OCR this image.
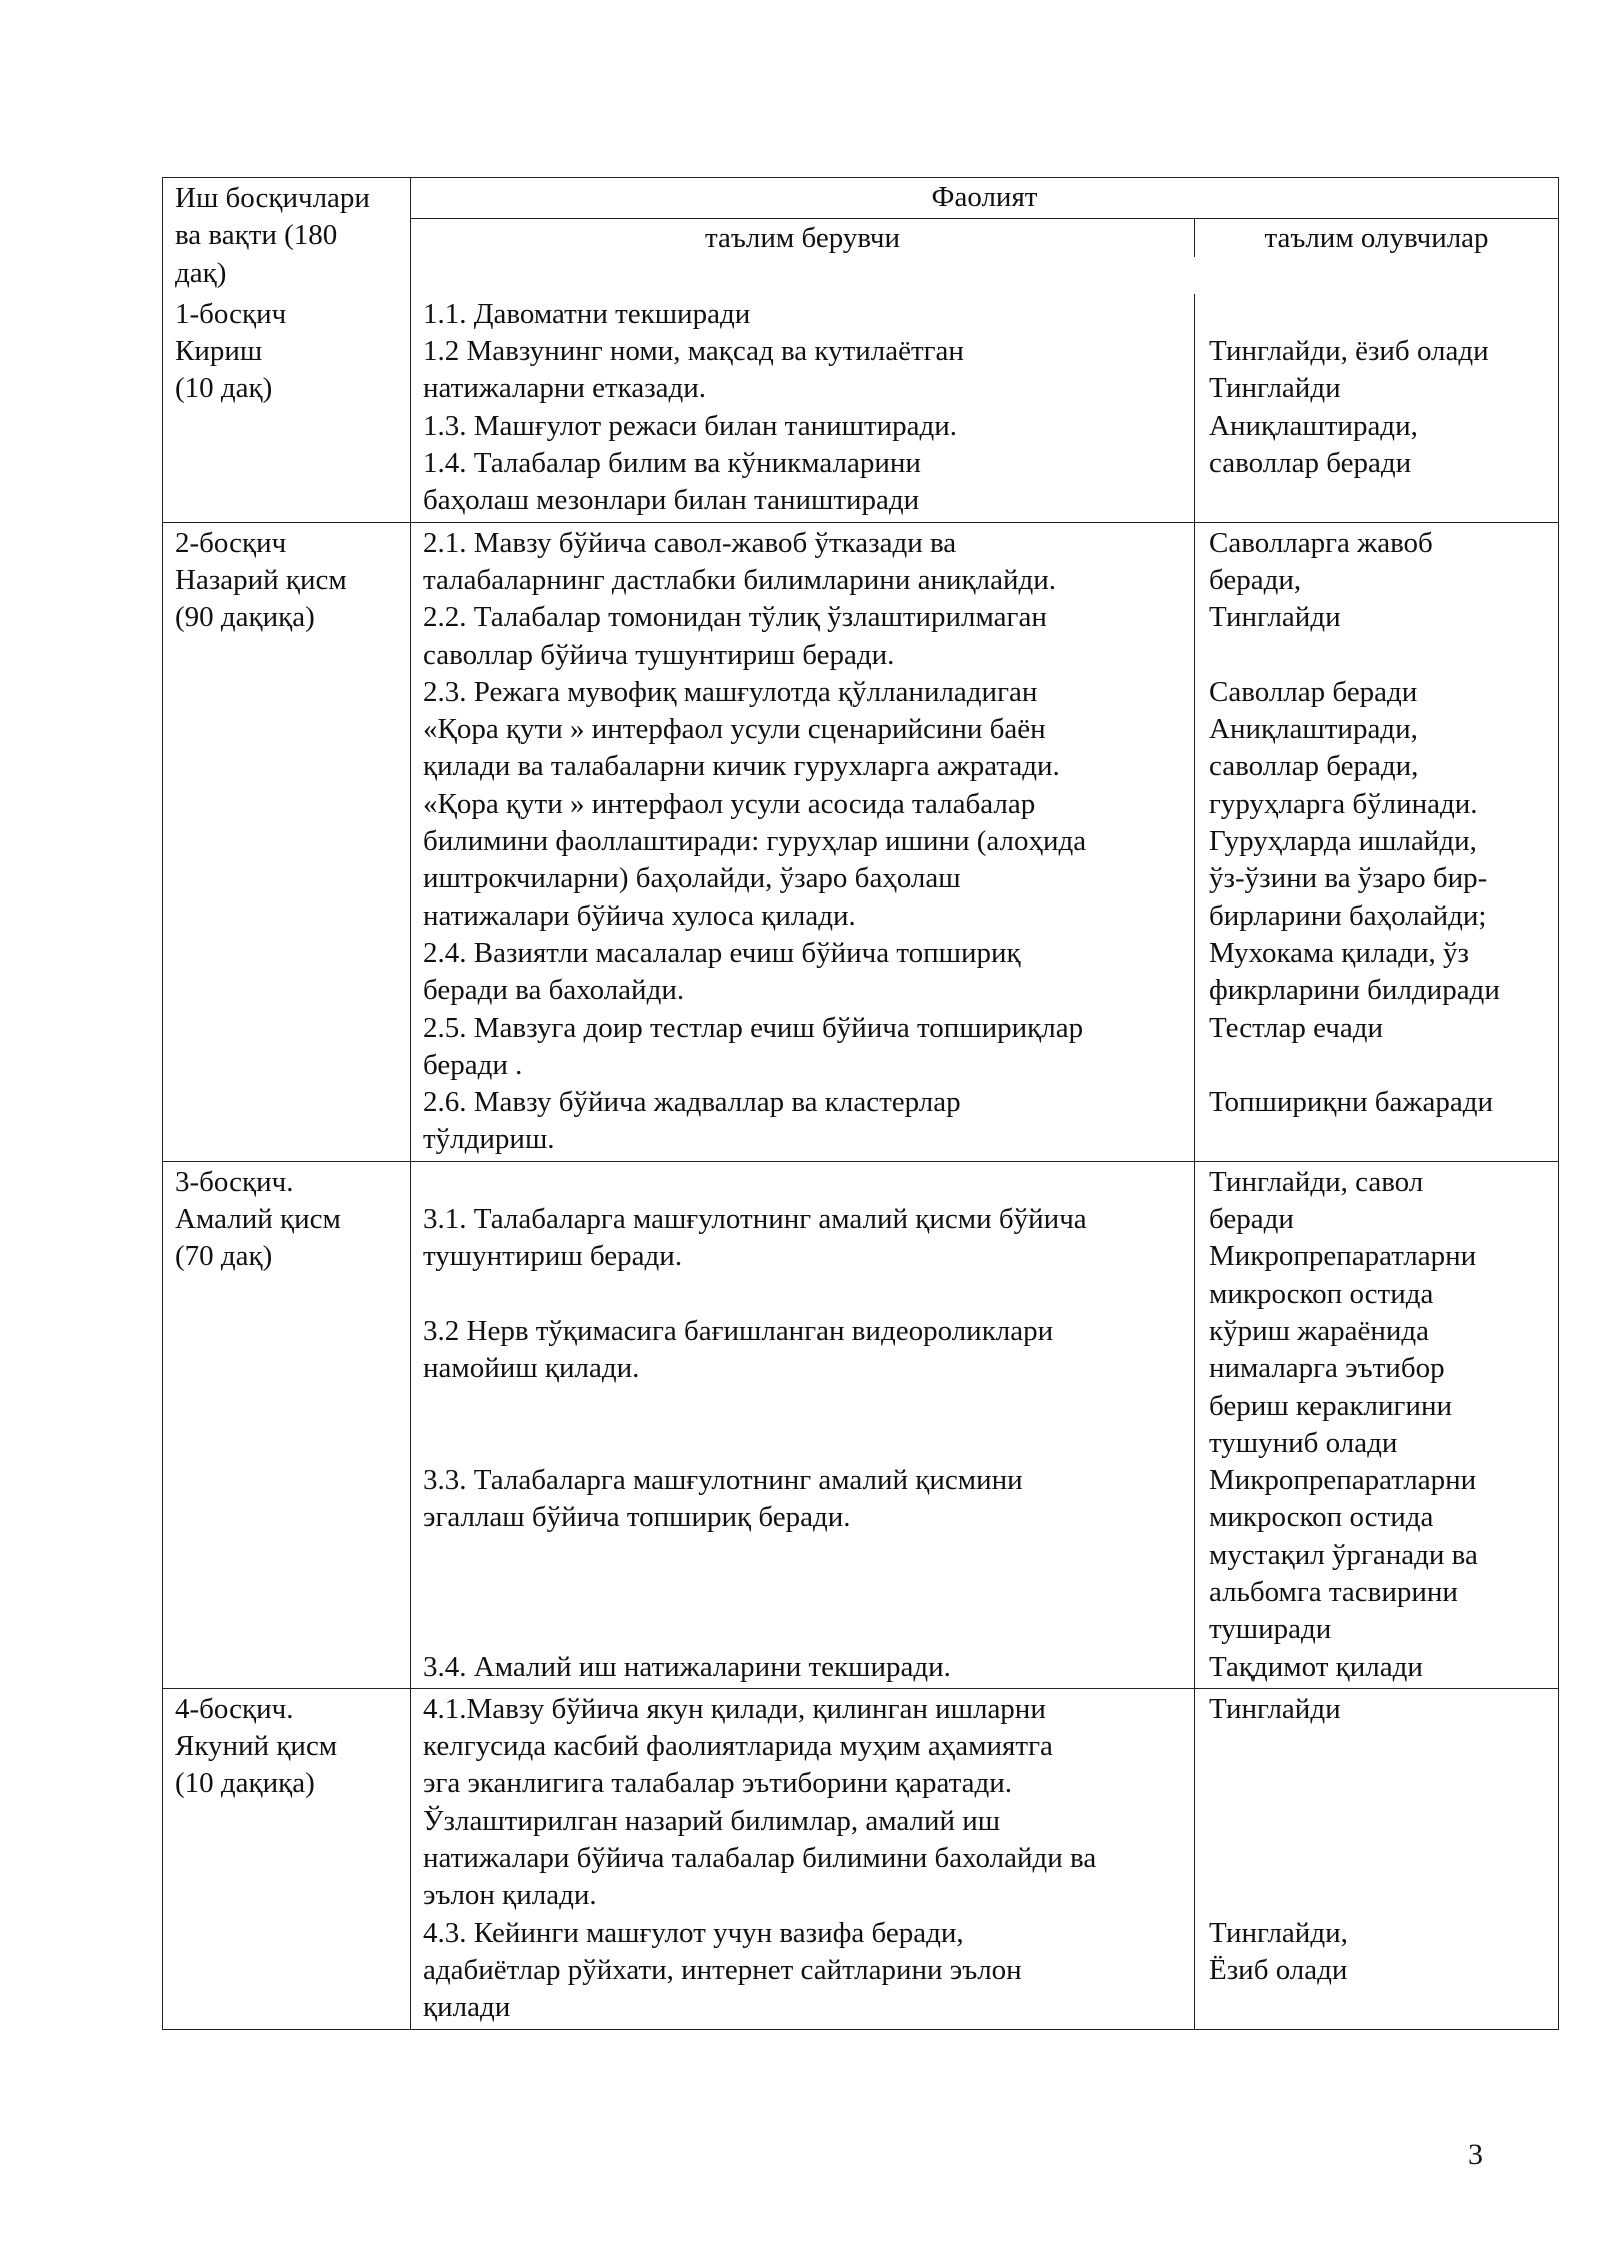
Иш босқичлари
ва вақти (180
дақ)
Фаолият
таълим берувчи	таълим олувчилар
1-босқич
Кириш
(10 дақ)
1.1. Давоматни текширади
1.2 Мавзунинг номи, мақсад ва кутилаётган
натижаларни етказади.
1.3. Машғулот режаси билан таништиради.
1.4. Талабалар билим ва кўникмаларини
баҳолаш мезонлари билан таништиради
Тинглайди, ёзиб олади
Тинглайди
Аниқлаштиради,
саволлар беради
2-босқич
Назарий қисм
(90 дақиқа)
2.1. Мавзу бўйича савол-жавоб ўтказади ва
талабаларнинг дастлабки билимларини аниқлайди.
2.2. Талабалар томонидан тўлиқ ўзлаштирилмаган
саволлар бўйича тушунтириш беради.
2.3. Режага мувофиқ машғулотда қўлланиладиган
«Қора қути » интерфаол усули сценарийсини баён
қилади ва талабаларни кичик гурухларга ажратади.
«Қора қути » интерфаол усули асосида талабалар
билимини фаоллаштиради: гуруҳлар ишини (алоҳида
иштрокчиларни) баҳолайди, ўзаро баҳолаш
натижалари бўйича хулоса қилади.
2.4. Вазиятли масалалар ечиш бўйича топшириқ
беради ва бахолайди.
2.5. Мавзуга доир тестлар ечиш бўйича топшириқлар
беради .
2.6. Мавзу бўйича жадваллар ва кластерлар
тўлдириш.
Саволларга жавоб
беради,
Тинглайди
Саволлар беради
Аниқлаштиради,
саволлар беради,
гуруҳларга бўлинади.
Гуруҳларда ишлайди,
ўз-ўзини ва ўзаро бир-
бирларини баҳолайди;
Мухокама қилади, ўз
фикрларини билдиради
Тестлар ечади
Топшириқни бажаради
3-босқич.
Амалий қисм
(70 дақ)
3.1. Талабаларга машғулотнинг амалий қисми бўйича
тушунтириш беради.
3.2 Нерв тўқимасига бағишланган видеороликлари
намойиш қилади.
3.3. Талабаларга машғулотнинг амалий қисмини
эгаллаш бўйича топшириқ беради.
3.4. Амалий иш натижаларини текширади.
Тинглайди, савол
беради
Микропрепаратларни
микроскоп остида
кўриш жараёнида
нималарга эътибор
бериш кераклигини
тушуниб олади
Микропрепаратларни
микроскоп остида
мустақил ўрганади ва
альбомга тасвирини
туширади
Тақдимот қилади
4-босқич.
Якуний қисм
(10 дақиқа)
4.1.Мавзу бўйича якун қилади, қилинган ишларни
келгусида касбий фаолиятларида муҳим аҳамиятга
эга эканлигига талабалар эътиборини қаратади.
Ўзлаштирилган назарий билимлар, амалий иш
натижалари бўйича талабалар билимини бахолайди ва
эълон қилади.
4.3. Кейинги машғулот учун вазифа беради,
адабиётлар рўйхати, интернет сайтларини эълон
қилади
Тинглайди
Тинглайди,
Ёзиб олади
3
